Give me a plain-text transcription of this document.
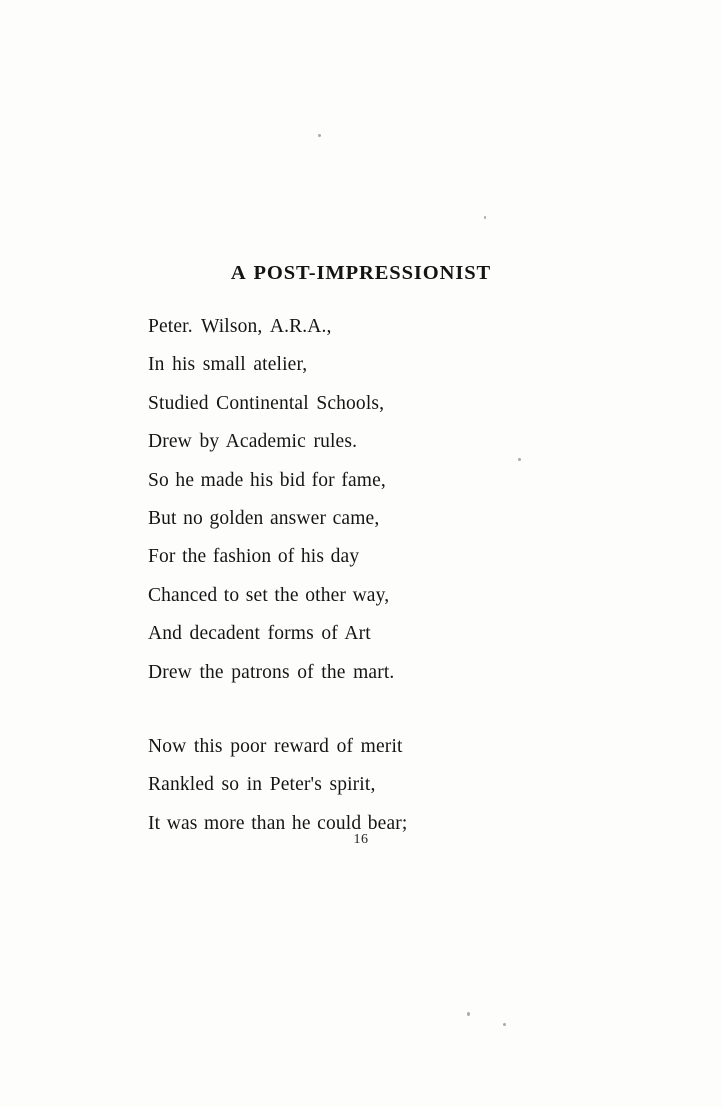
A POST-IMPRESSIONIST
Peter. Wilson, A.R.A.,
In his small atelier,
Studied Continental Schools,
Drew by Academic rules.
So he made his bid for fame,
But no golden answer came,
For the fashion of his day
Chanced to set the other way,
And decadent forms of Art
Drew the patrons of the mart.
Now this poor reward of merit
Rankled so in Peter's spirit,
It was more than he could bear;
16
